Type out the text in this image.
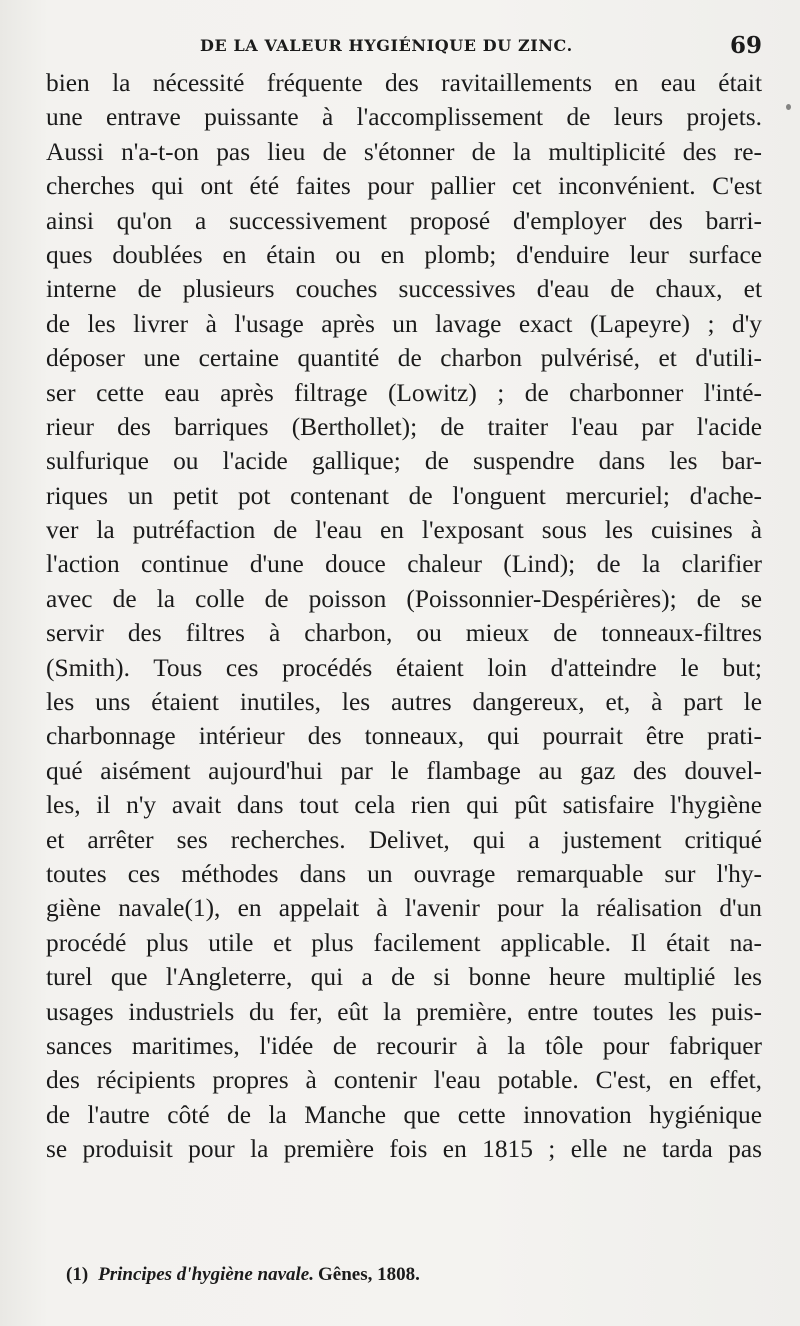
DE LA VALEUR HYGIÉNIQUE DU ZINC.	69
bien la nécessité fréquente des ravitaillements en eau était
une entrave puissante à l'accomplissement de leurs projets.
Aussi n'a-t-on pas lieu de s'étonner de la multiplicité des re-
cherches qui ont été faites pour pallier cet inconvénient. C'est
ainsi qu'on a successivement proposé d'employer des barri-
ques doublées en étain ou en plomb; d'enduire leur surface
interne de plusieurs couches successives d'eau de chaux, et
de les livrer à l'usage après un lavage exact (Lapeyre) ; d'y
déposer une certaine quantité de charbon pulvérisé, et d'utili-
ser cette eau après filtrage (Lowitz) ; de charbonner l'inté-
rieur des barriques (Berthollet); de traiter l'eau par l'acide
sulfurique ou l'acide gallique; de suspendre dans les bar-
riques un petit pot contenant de l'onguent mercuriel; d'ache-
ver la putréfaction de l'eau en l'exposant sous les cuisines à
l'action continue d'une douce chaleur (Lind); de la clarifier
avec de la colle de poisson (Poissonnier-Despérières); de se
servir des filtres à charbon, ou mieux de tonneaux-filtres
(Smith). Tous ces procédés étaient loin d'atteindre le but;
les uns étaient inutiles, les autres dangereux, et, à part le
charbonnage intérieur des tonneaux, qui pourrait être prati-
qué aisément aujourd'hui par le flambage au gaz des douvel-
les, il n'y avait dans tout cela rien qui pût satisfaire l'hygiène
et arrêter ses recherches. Delivet, qui a justement critiqué
toutes ces méthodes dans un ouvrage remarquable sur l'hy-
giène navale(1), en appelait à l'avenir pour la réalisation d'un
procédé plus utile et plus facilement applicable. Il était na-
turel que l'Angleterre, qui a de si bonne heure multiplié les
usages industriels du fer, eût la première, entre toutes les puis-
sances maritimes, l'idée de recourir à la tôle pour fabriquer
des récipients propres à contenir l'eau potable. C'est, en effet,
de l'autre côté de la Manche que cette innovation hygiénique
se produisit pour la première fois en 1815 ; elle ne tarda pas
(1) Principes d'hygiène navale. Gênes, 1808.
